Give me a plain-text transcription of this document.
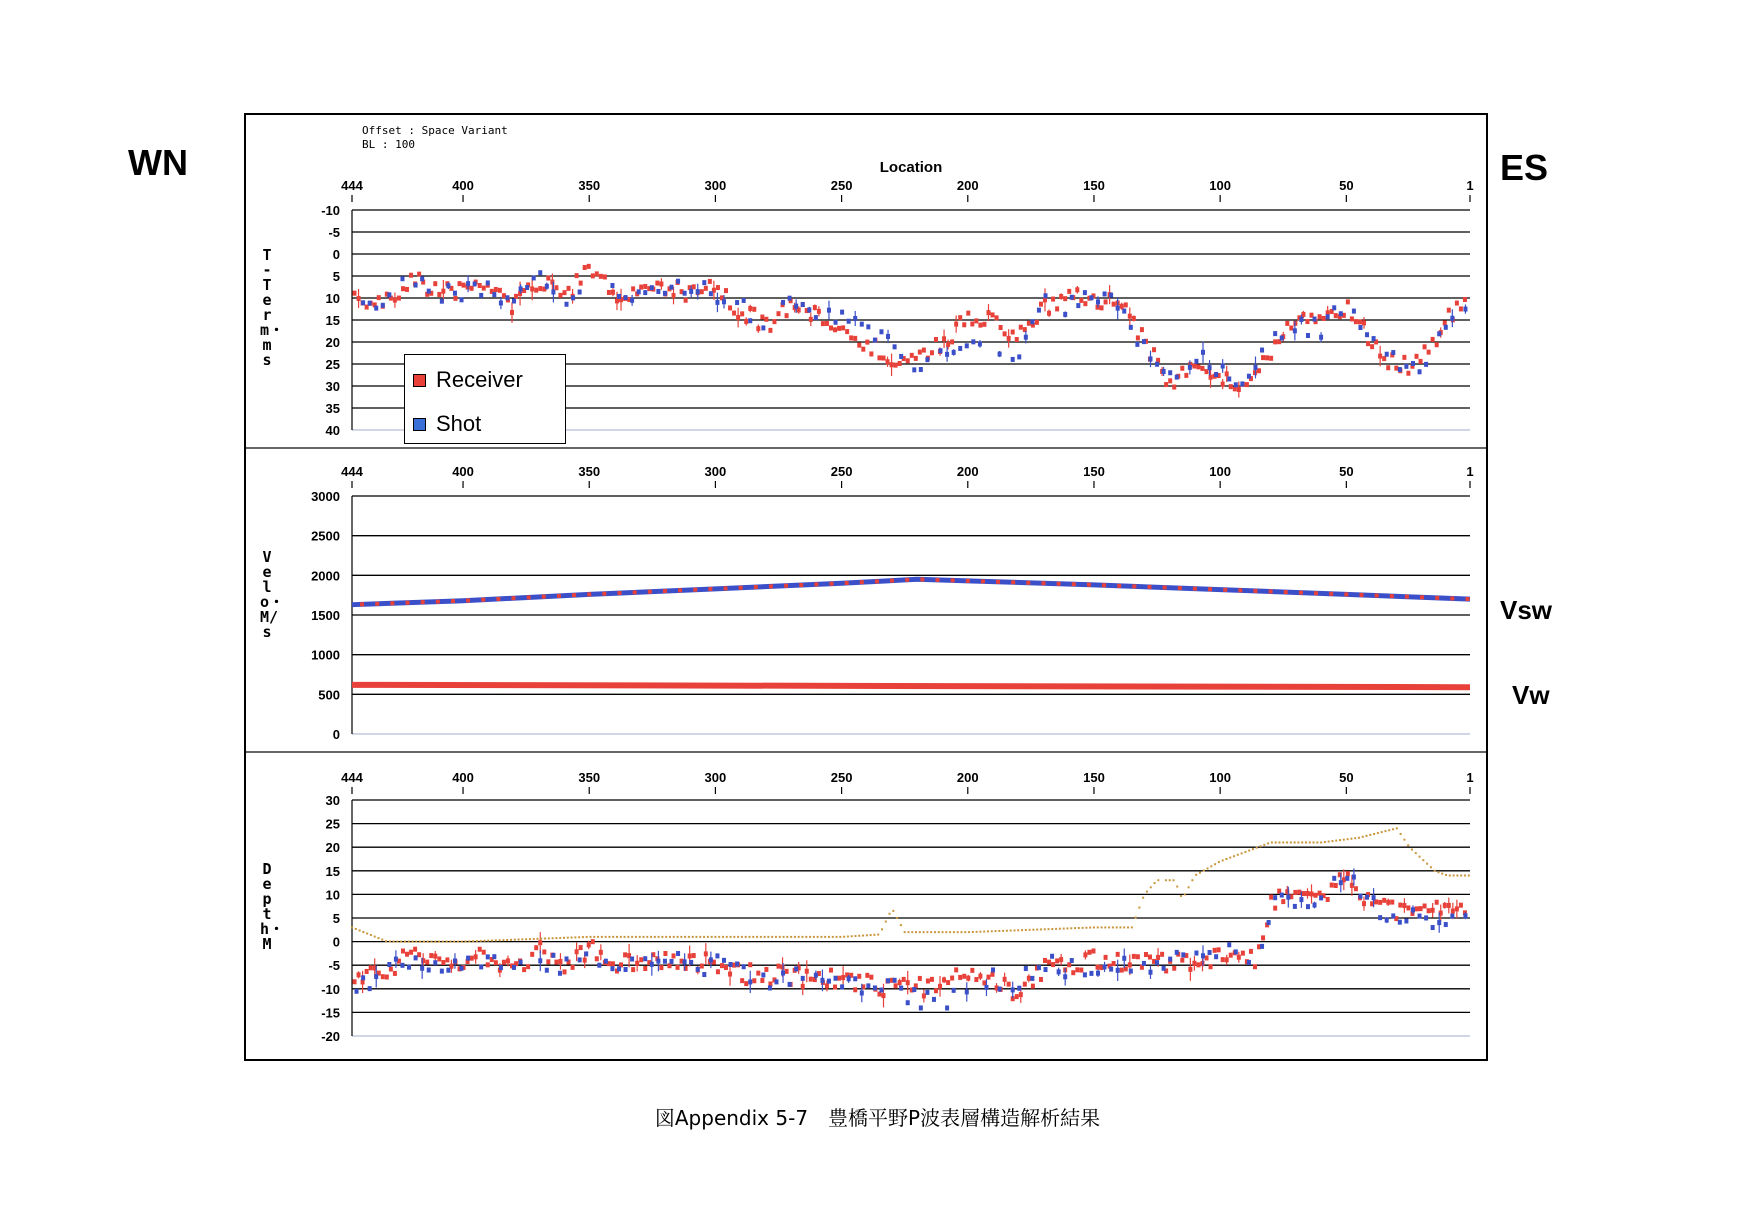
WN	ES
Vsw
Vw
-10
-5
0
5
10
15
20
25
30
35
40
444	400	350	300	250	200	150	100	50	1
Location
3000
2500
2000
1500
1000
500
0
444	400	350	300	250	200	150	100	50	1
30
25
20
15
10
5
0
-5
-10
-15
-20
444	400	350	300	250	200	150	100	50	1
Offset : Space Variant
BL : 100
T-Term・ms
Velo・M/s
Depth・M
Receiver
Shot
図Appendix 5-7　豊橋平野P波表層構造解析結果
